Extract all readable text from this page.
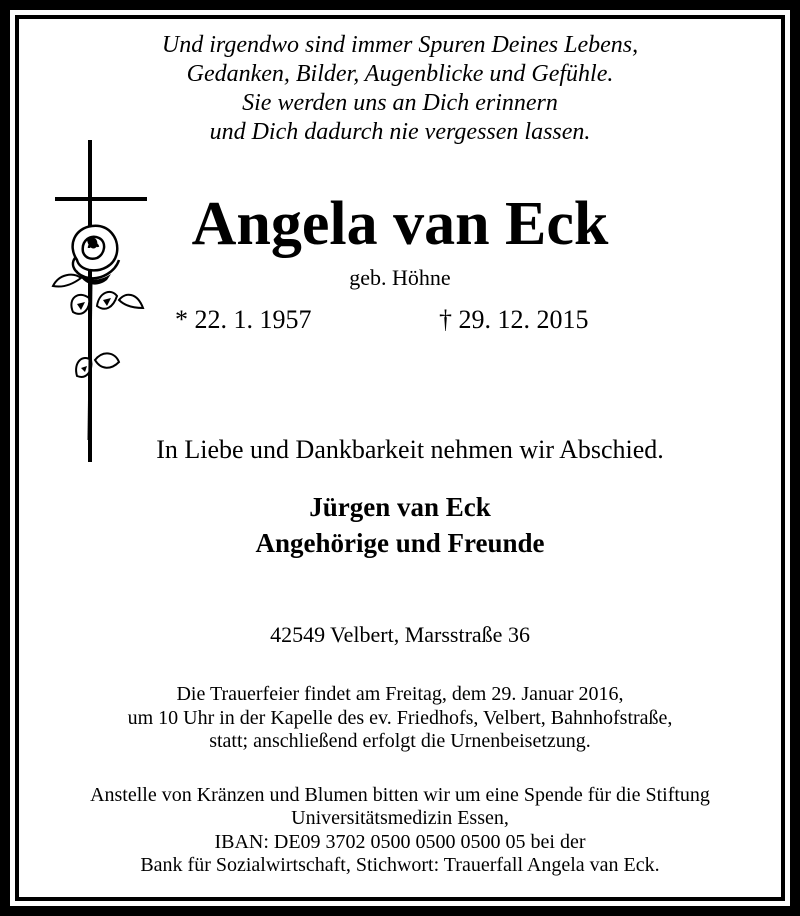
Und irgendwo sind immer Spuren Deines Lebens,
Gedanken, Bilder, Augenblicke und Gefühle.
Sie werden uns an Dich erinnern
und Dich dadurch nie vergessen lassen.
Angela van Eck
geb. Höhne
* 22. 1. 1957	† 29. 12. 2015
In Liebe und Dankbarkeit nehmen wir Abschied.
Jürgen van Eck
Angehörige und Freunde
42549 Velbert, Marsstraße 36
Die Trauerfeier findet am Freitag, dem 29. Januar 2016,
um 10 Uhr in der Kapelle des ev. Friedhofs, Velbert, Bahnhofstraße,
statt; anschließend erfolgt die Urnenbeisetzung.
Anstelle von Kränzen und Blumen bitten wir um eine Spende für die Stiftung
Universitätsmedizin Essen,
IBAN: DE09 3702 0500 0500 0500 05 bei der
Bank für Sozialwirtschaft, Stichwort: Trauerfall Angela van Eck.
